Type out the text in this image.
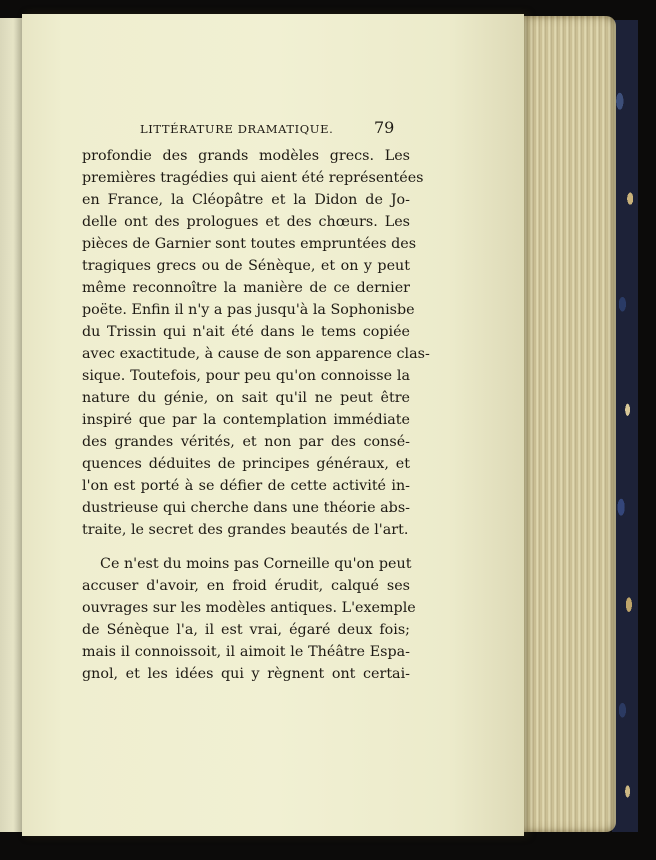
LITTÉRATURE DRAMATIQUE.	79
profondie des grands modèles grecs. Les
premières tragédies qui aient été représentées
en France, la Cléopâtre et la Didon de Jo-
delle ont des prologues et des chœurs. Les
pièces de Garnier sont toutes empruntées des
tragiques grecs ou de Sénèque, et on y peut
même reconnoître la manière de ce dernier
poëte. Enfin il n'y a pas jusqu'à la Sophonisbe
du Trissin qui n'ait été dans le tems copiée
avec exactitude, à cause de son apparence clas-
sique. Toutefois, pour peu qu'on connoisse la
nature du génie, on sait qu'il ne peut être
inspiré que par la contemplation immédiate
des grandes vérités, et non par des consé-
quences déduites de principes généraux, et
l'on est porté à se défier de cette activité in-
dustrieuse qui cherche dans une théorie abs-
traite, le secret des grandes beautés de l'art.
Ce n'est du moins pas Corneille qu'on peut
accuser d'avoir, en froid érudit, calqué ses
ouvrages sur les modèles antiques. L'exemple
de Sénèque l'a, il est vrai, égaré deux fois;
mais il connoissoit, il aimoit le Théâtre Espa-
gnol, et les idées qui y règnent ont certai-
